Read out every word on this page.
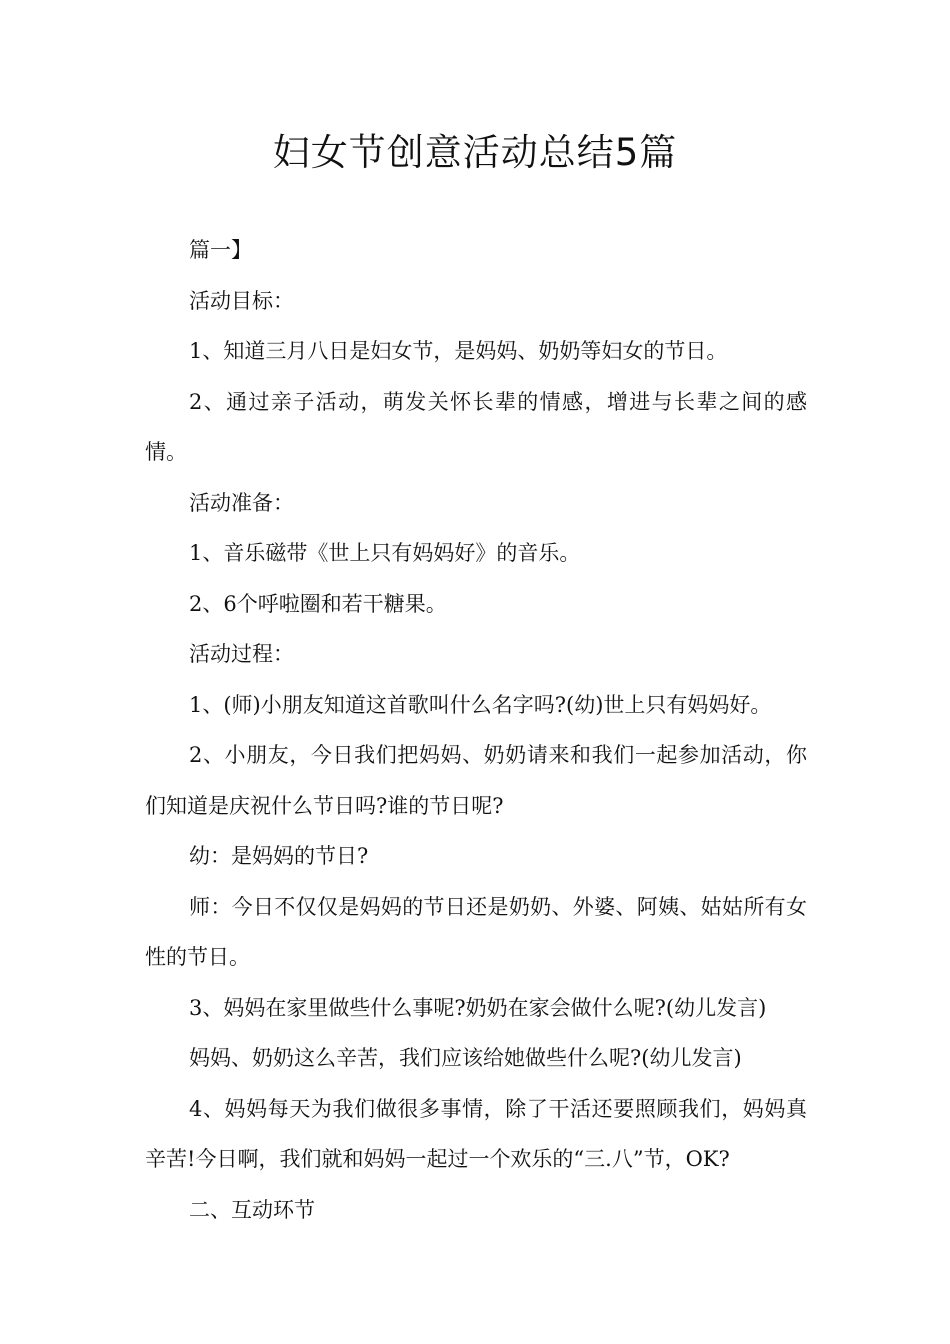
妇女节创意活动总结5篇

篇一】

活动目标：

1、知道三月八日是妇女节，是妈妈、奶奶等妇女的节日。

2、通过亲子活动，萌发关怀长辈的情感，增进与长辈之间的感情。

活动准备：

1、音乐磁带《世上只有妈妈好》的音乐。

2、6个呼啦圈和若干糖果。

活动过程：

1、(师)小朋友知道这首歌叫什么名字吗?(幼)世上只有妈妈好。

2、小朋友，今日我们把妈妈、奶奶请来和我们一起参加活动，你们知道是庆祝什么节日吗?谁的节日呢?

幼：是妈妈的节日?

师：今日不仅仅是妈妈的节日还是奶奶、外婆、阿姨、姑姑所有女性的节日。

3、妈妈在家里做些什么事呢?奶奶在家会做什么呢?(幼儿发言)

妈妈、奶奶这么辛苦，我们应该给她做些什么呢?(幼儿发言)

4、妈妈每天为我们做很多事情，除了干活还要照顾我们，妈妈真辛苦!今日啊，我们就和妈妈一起过一个欢乐的“三.八”节，OK?

二、互动环节
